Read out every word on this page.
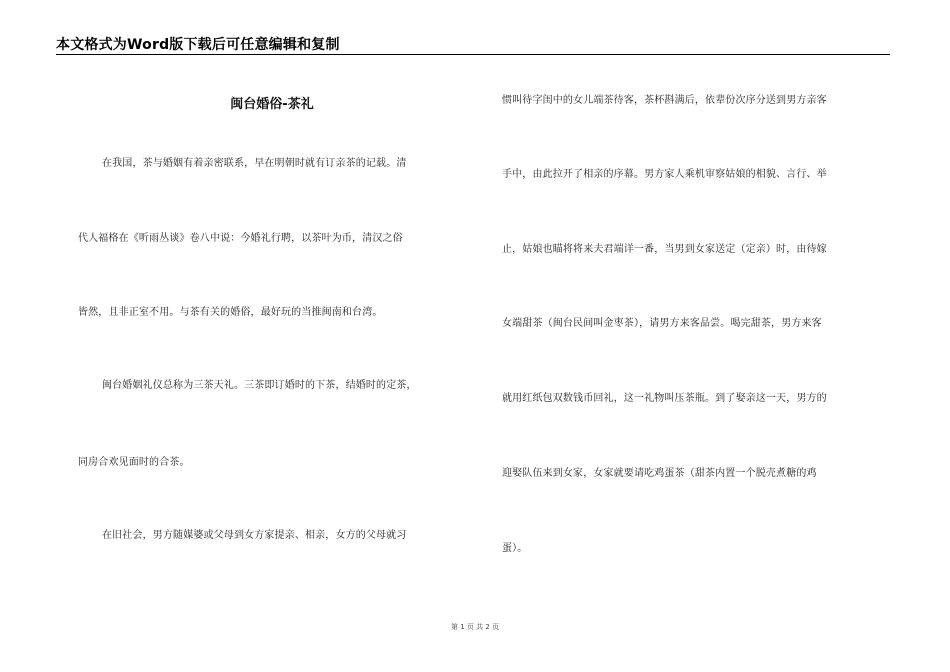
本文格式为Word版下载后可任意编辑和复制
闽台婚俗-茶礼
在我国，茶与婚姻有着亲密联系，早在明朝时就有订亲茶的记载。清
代人福格在《听雨丛谈》卷八中说：今婚礼行聘，以茶叶为币，清汉之俗
皆然，且非正室不用。与茶有关的婚俗，最好玩的当推闽南和台湾。
闽台婚姻礼仪总称为三茶天礼。三茶即订婚时的下茶，结婚时的定茶，
同房合欢见面时的合茶。
在旧社会，男方随媒婆或父母到女方家提亲、相亲，女方的父母就习
惯叫待字闺中的女儿端茶待客，茶杯斟满后，依辈份次序分送到男方亲客
手中，由此拉开了相亲的序幕。男方家人乘机审察姑娘的相貌、言行、举
止，姑娘也瞄将将来夫君端详一番，当男到女家送定（定亲）时，由待嫁
女端甜茶（闽台民间叫金枣茶），请男方来客品尝。喝完甜茶，男方来客
就用红纸包双数钱币回礼，这一礼物叫压茶瓶。到了娶亲这一天，男方的
迎娶队伍来到女家，女家就要请吃鸡蛋茶（甜茶内置一个脱壳煮糖的鸡
蛋）。
第 1 页 共 2 页
